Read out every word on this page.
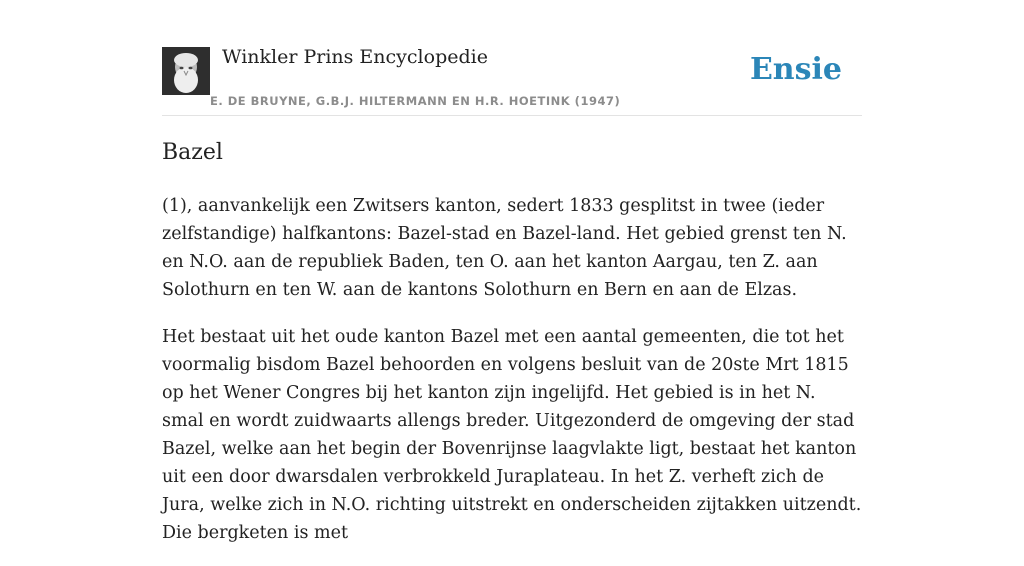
Winkler Prins Encyclopedie
E. DE BRUYNE, G.B.J. HILTERMANN EN H.R. HOETINK (1947)
Ensie
Bazel

(1), aanvankelijk een Zwitsers kanton, sedert 1833 gesplitst in twee (ieder zelfstandige) halfkantons: Bazel-stad en Bazel-land. Het gebied grenst ten N. en N.O. aan de republiek Baden, ten O. aan het kanton Aargau, ten Z. aan Solothurn en ten W. aan de kantons Solothurn en Bern en aan de Elzas.

Het bestaat uit het oude kanton Bazel met een aantal gemeenten, die tot het voormalig bisdom Bazel behoorden en volgens besluit van de 20ste Mrt 1815 op het Wener Congres bij het kanton zijn ingelijfd. Het gebied is in het N. smal en wordt zuidwaarts allengs breder. Uitgezonderd de omgeving der stad Bazel, welke aan het begin der Bovenrijnse laagvlakte ligt, bestaat het kanton uit een door dwarsdalen verbrokkeld Juraplateau. In het Z. verheft zich de Jura, welke zich in N.O. richting uitstrekt en onderscheiden zijtakken uitzendt. Die bergketen is met
